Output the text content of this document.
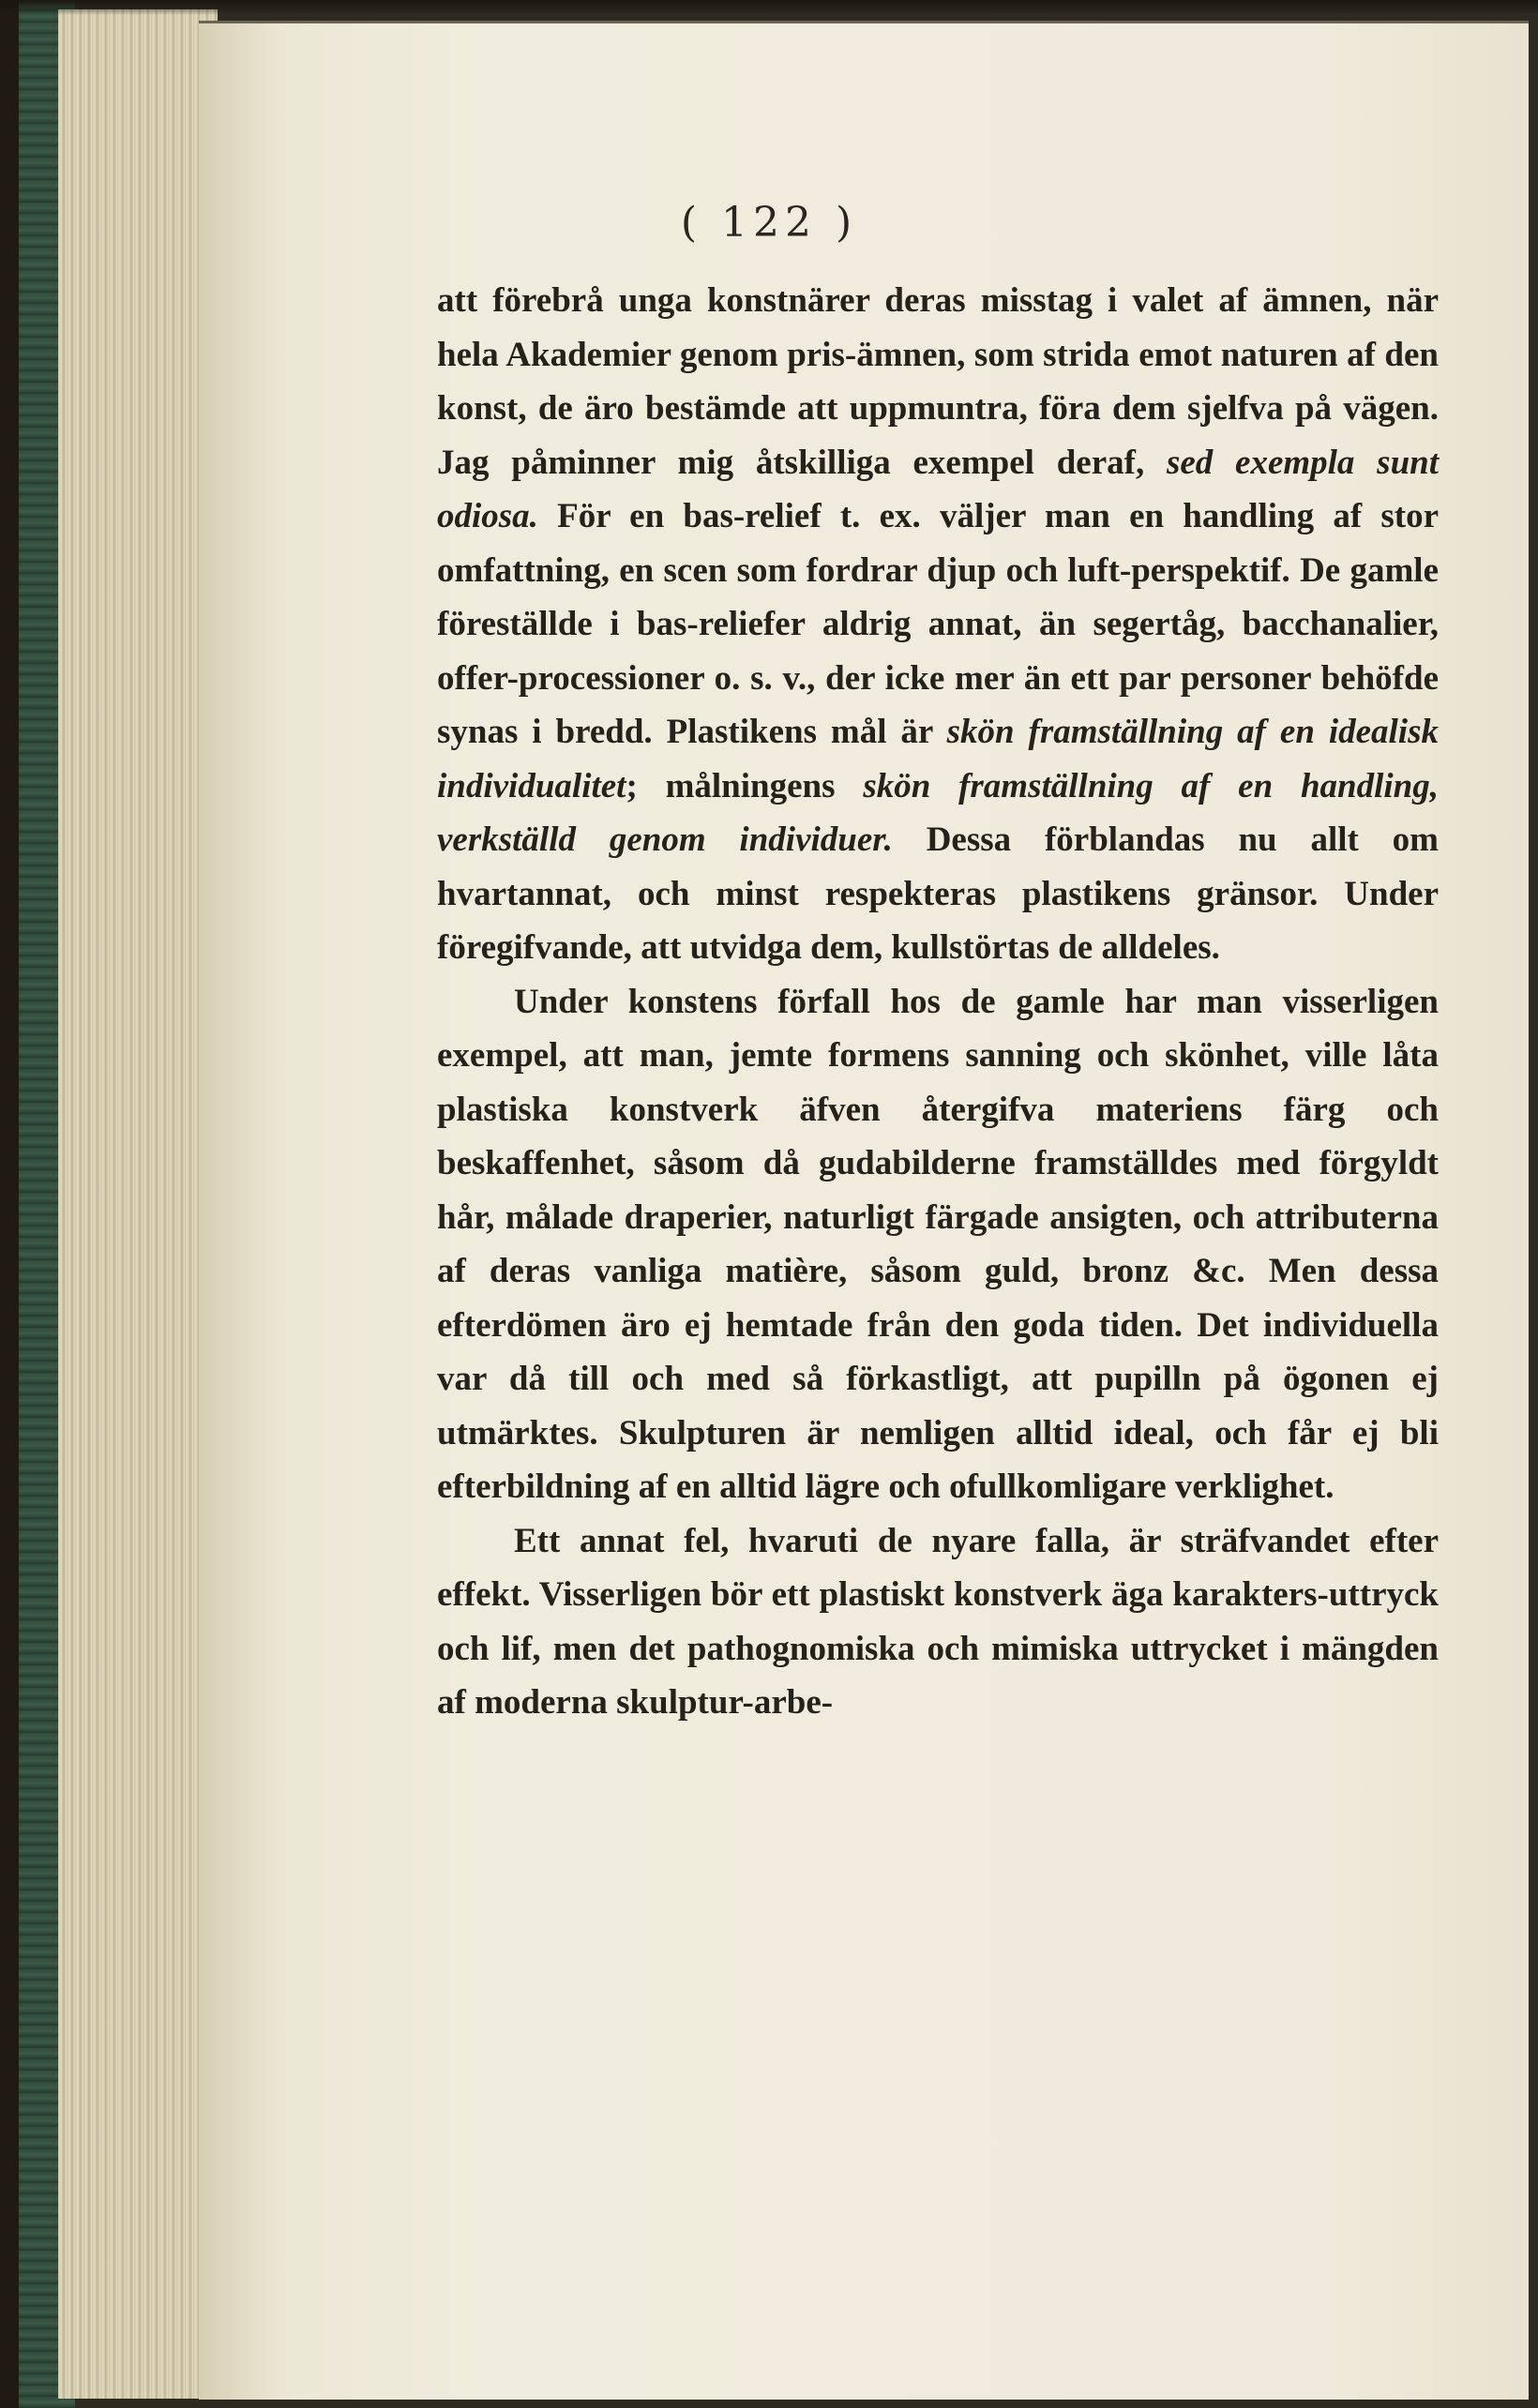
( 122 )

att förebrå unga konstnärer deras misstag i valet af ämnen, när hela Akademier genom pris-ämnen, som strida emot naturen af den konst, de äro bestämde att uppmuntra, föra dem sjelfva på vägen. Jag påminner mig åtskilliga exempel deraf, sed exempla sunt odiosa. För en bas-relief t. ex. väljer man en handling af stor omfattning, en scen som fordrar djup och luft-perspektif. De gamle föreställde i bas-reliefer aldrig annat, än segertåg, bacchanalier, offer-processioner o. s. v., der icke mer än ett par personer behöfde synas i bredd. Plastikens mål är skön framställning af en idealisk individualitet; målningens skön framställning af en handling, verkställd genom individuer. Dessa förblandas nu allt om hvartannat, och minst respekteras plastikens gränsor. Under föregifvande, att utvidga dem, kullstörtas de alldeles.

Under konstens förfall hos de gamle har man visserligen exempel, att man, jemte formens sanning och skönhet, ville låta plastiska konstverk äfven återgifva materiens färg och beskaffenhet, såsom då gudabilderne framställdes med förgyldt hår, målade draperier, naturligt färgade ansigten, och attributerna af deras vanliga matière, såsom guld, bronz &c. Men dessa efterdömen äro ej hemtade från den goda tiden. Det individuella var då till och med så förkastligt, att pupilln på ögonen ej utmärktes. Skulpturen är nemligen alltid ideal, och får ej bli efterbildning af en alltid lägre och ofullkomligare verklighet.

Ett annat fel, hvaruti de nyare falla, är sträfvandet efter effekt. Visserligen bör ett plastiskt konstverk äga karakters-uttryck och lif, men det pathognomiska och mimiska uttrycket i mängden af moderna skulptur-arbe-
